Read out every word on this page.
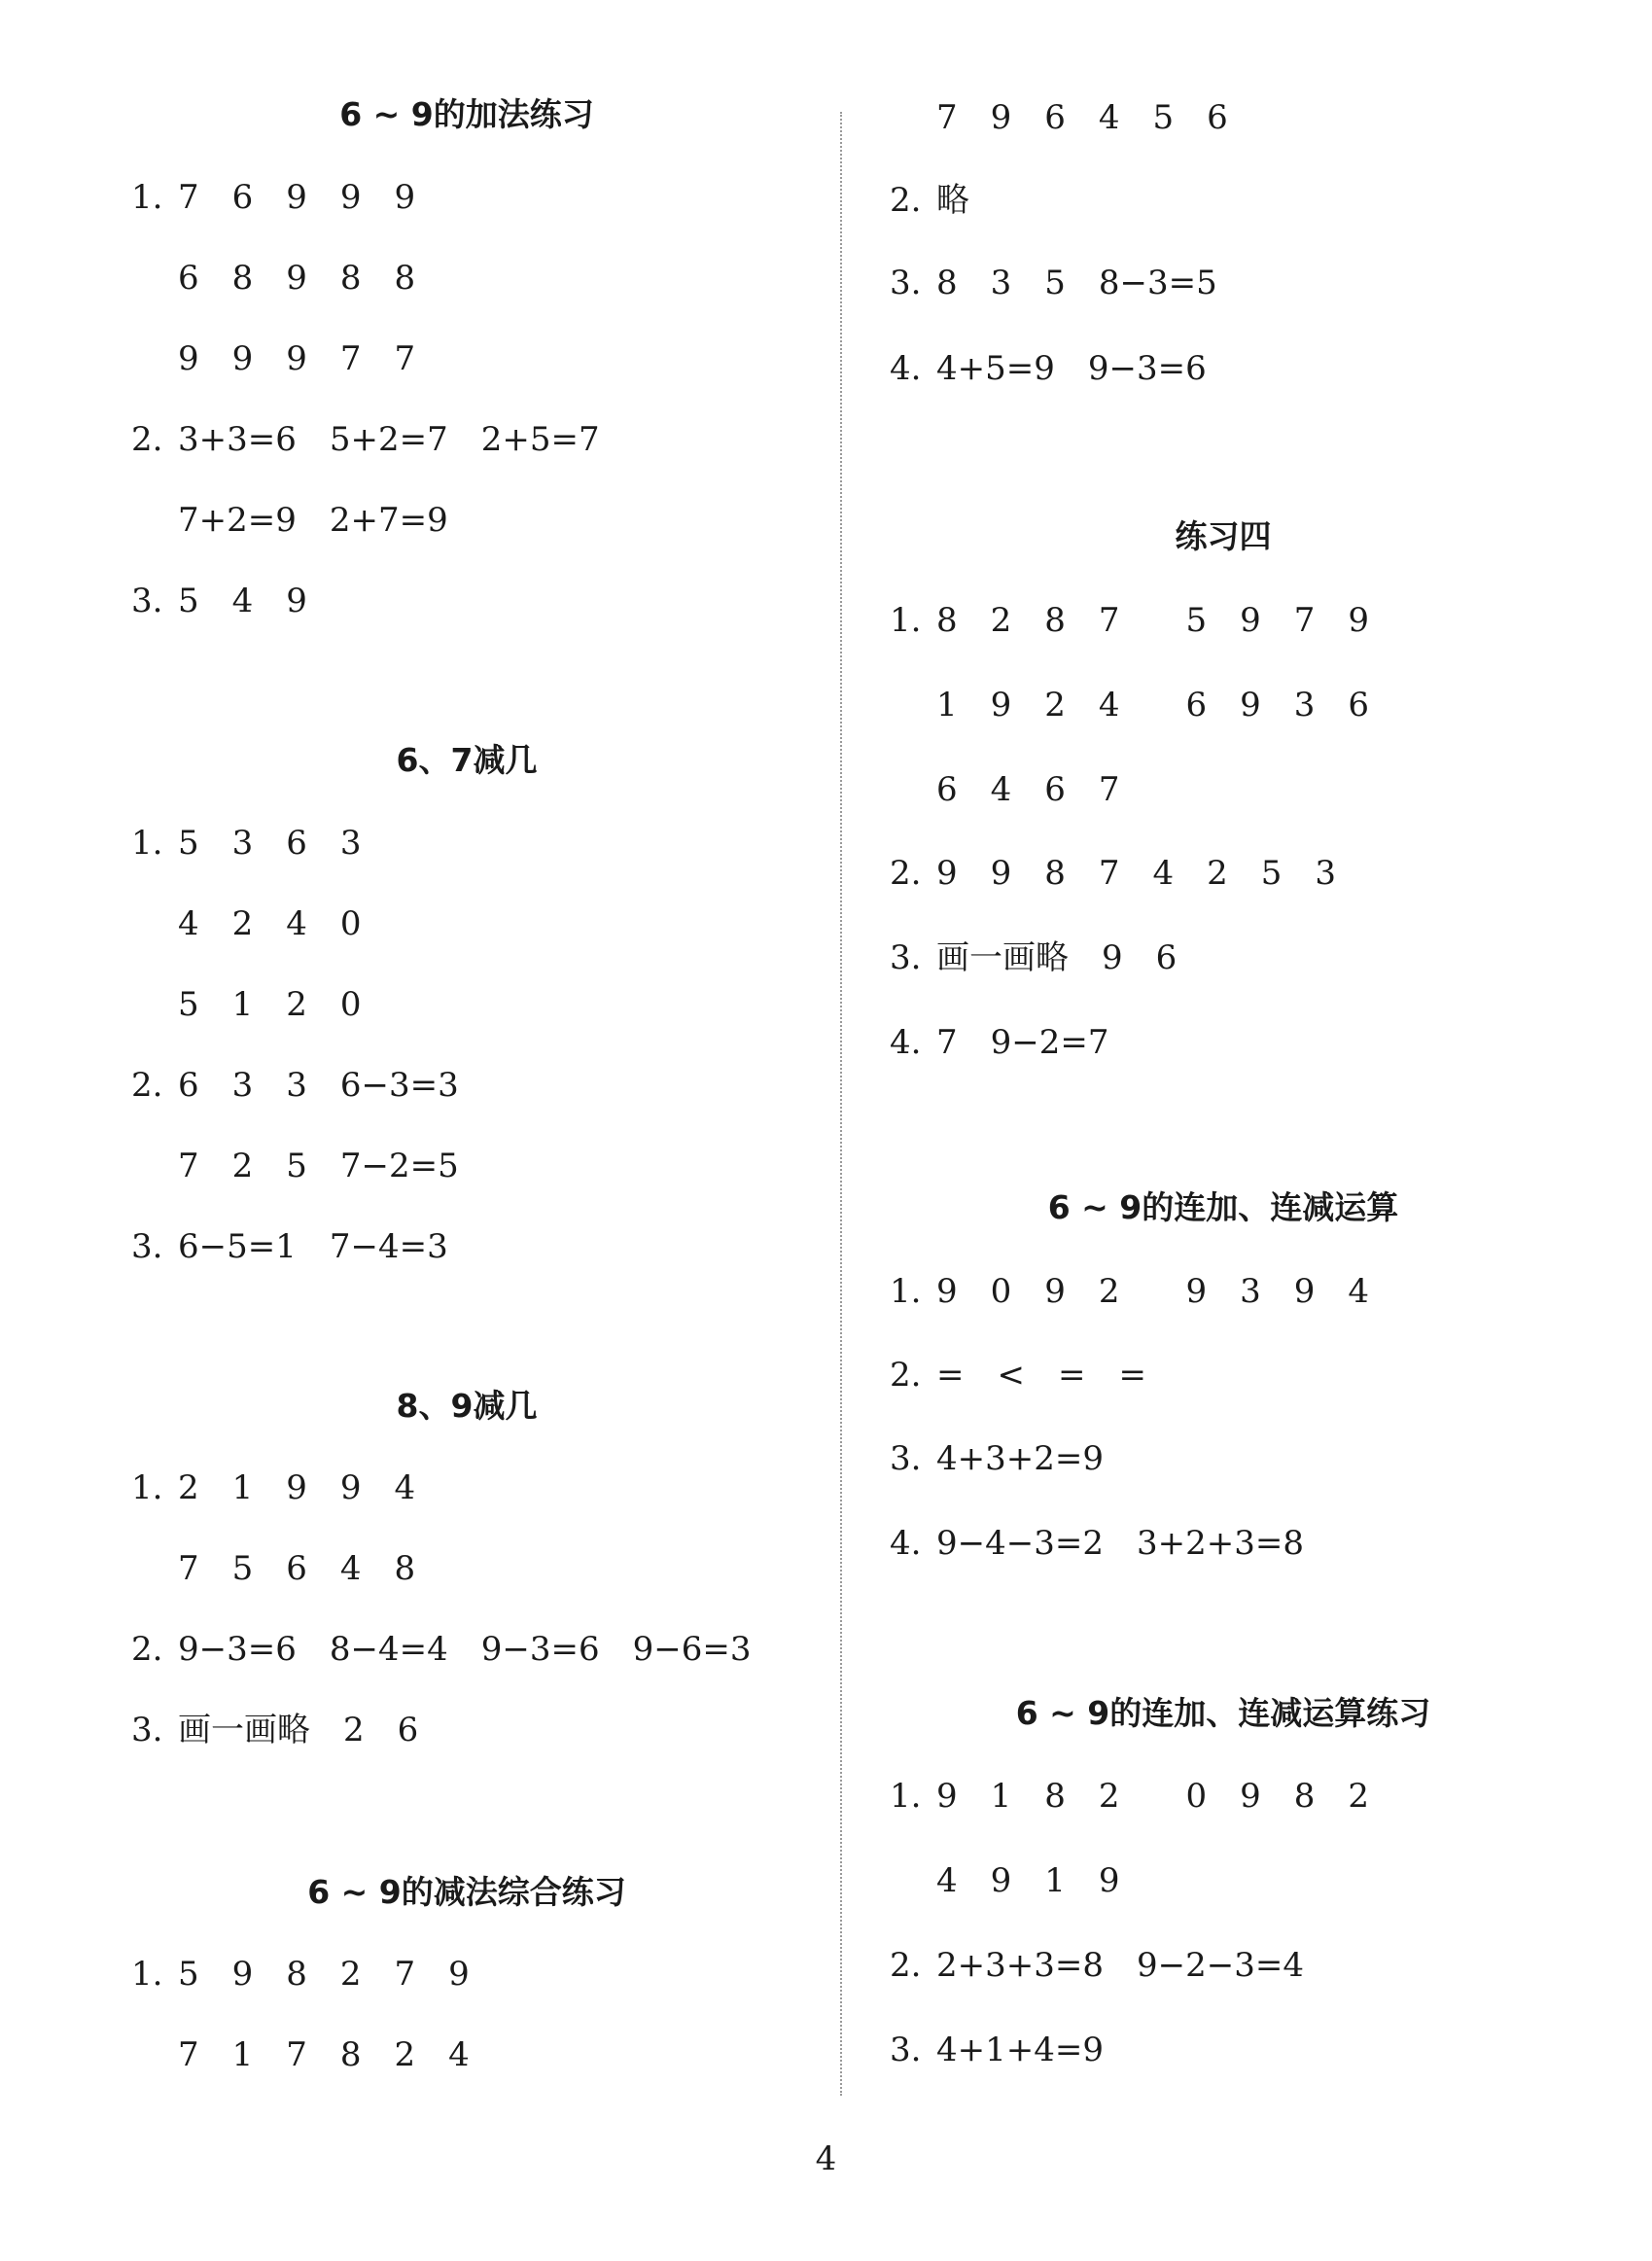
6 ~ 9的加法练习
1. 7　6　9　9　9
6　8　9　8　8
9　9　9　7　7
2. 3+3=6　5+2=7　2+5=7
7+2=9　2+7=9
3. 5　4　9
6、7减几
1. 5　3　6　3
4　2　4　0
5　1　2　0
2. 6　3　3　6−3=3
7　2　5　7−2=5
3. 6−5=1　7−4=3
8、9减几
1. 2　1　9　9　4
7　5　6　4　8
2. 9−3=6　8−4=4　9−3=6　9−6=3
3. 画一画略　2　6
6 ~ 9的减法综合练习
1. 5　9　8　2　7　9
7　1　7　8　2　4
7　9　6　4　5　6
2. 略
3. 8　3　5　8−3=5
4. 4+5=9　9−3=6
练习四
1. 8　2　8　7　　5　9　7　9
1　9　2　4　　6　9　3　6
6　4　6　7
2. 9　9　8　7　4　2　5　3
3. 画一画略　9　6
4. 7　9−2=7
6 ~ 9的连加、连减运算
1. 9　0　9　2　　9　3　9　4
2. =　<　=　=
3. 4+3+2=9
4. 9−4−3=2　3+2+3=8
6 ~ 9的连加、连减运算练习
1. 9　1　8　2　　0　9　8　2
4　9　1　9
2. 2+3+3=8　9−2−3=4
3. 4+1+4=9
4
